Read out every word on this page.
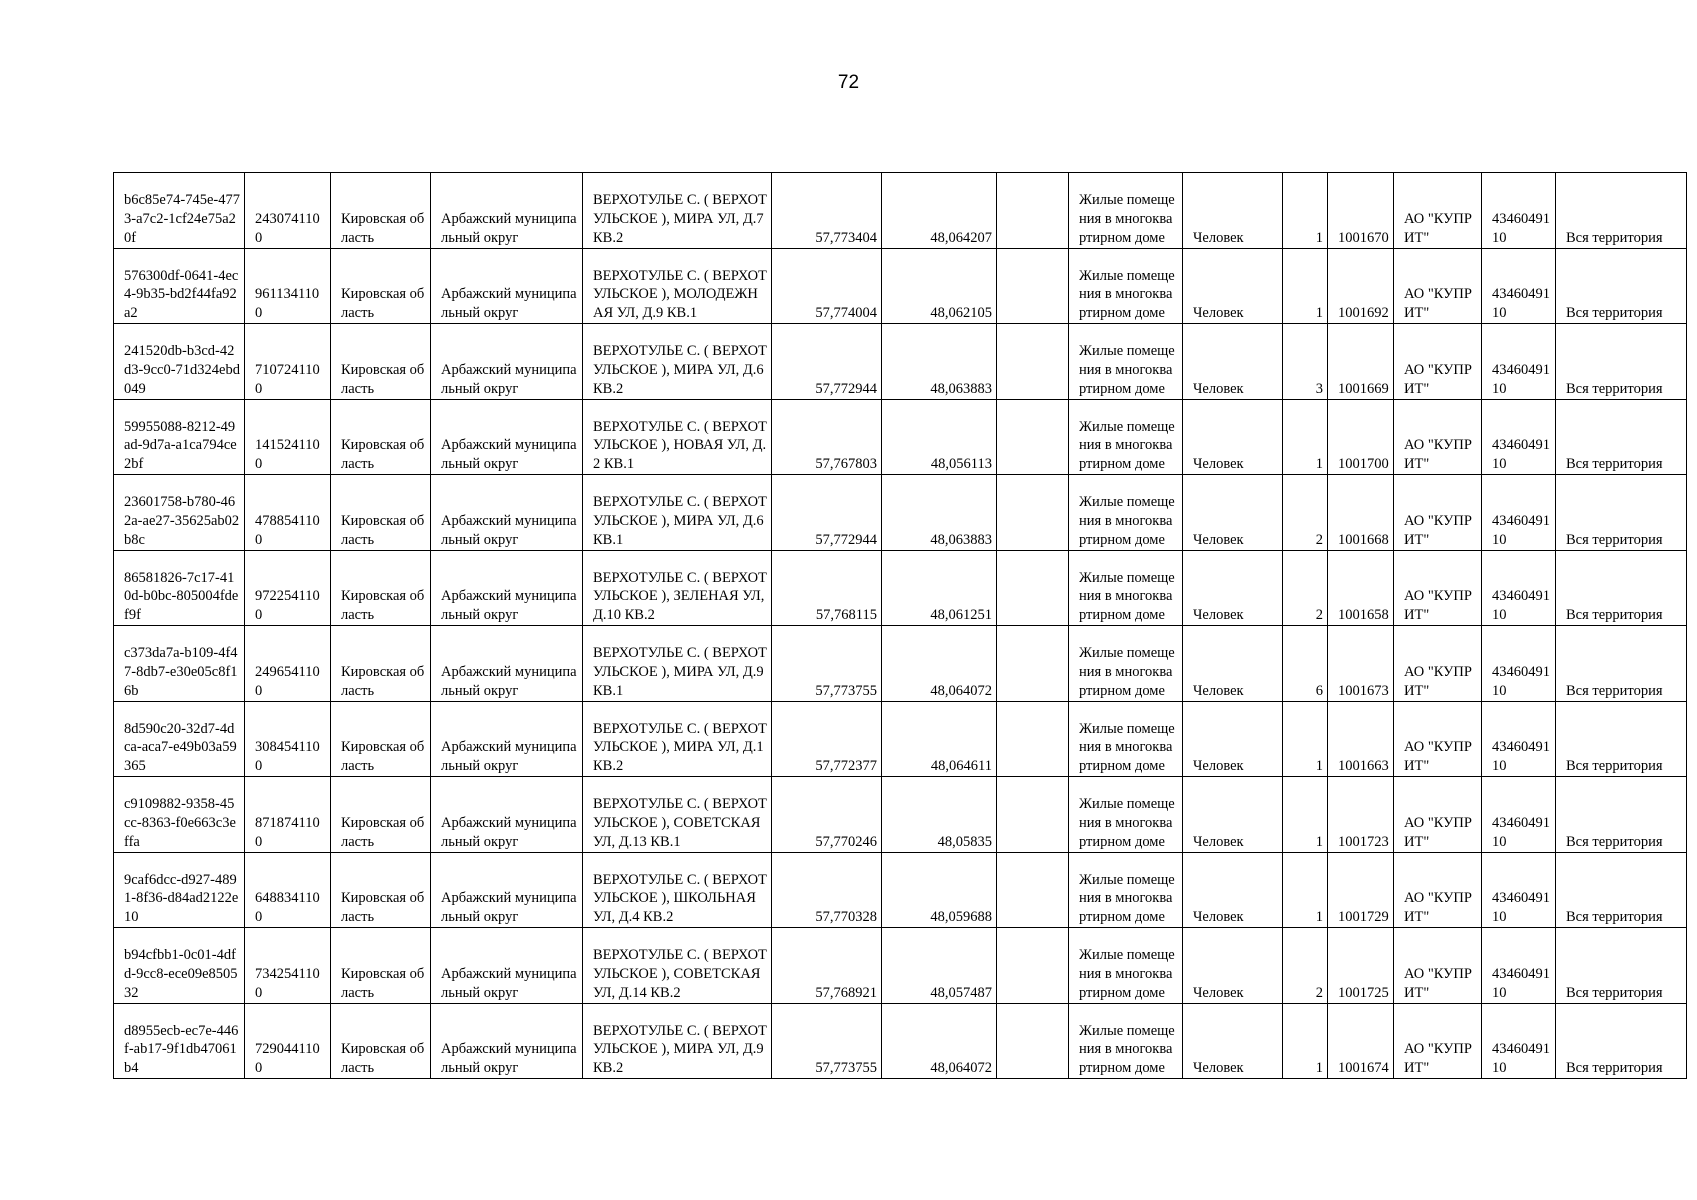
72
b6c85e74-745e-4773-a7c2-1cf24e75a20f	2430741100	Кировская область	Арбажский муниципальный округ	ВЕРХОТУЛЬЕ С. ( ВЕРХОТУЛЬСКОЕ ), МИРА УЛ, Д.7 КВ.2	57,773404	48,064207		Жилые помещения в многоквартирном доме	Человек	1	1001670	АО "КУПРИТ"	4346049110	Вся территория
576300df-0641-4ec4-9b35-bd2f44fa92a2	9611341100	Кировская область	Арбажский муниципальный округ	ВЕРХОТУЛЬЕ С. ( ВЕРХОТУЛЬСКОЕ ), МОЛОДЕЖНАЯ УЛ, Д.9 КВ.1	57,774004	48,062105		Жилые помещения в многоквартирном доме	Человек	1	1001692	АО "КУПРИТ"	4346049110	Вся территория
241520db-b3cd-42d3-9cc0-71d324ebd049	7107241100	Кировская область	Арбажский муниципальный округ	ВЕРХОТУЛЬЕ С. ( ВЕРХОТУЛЬСКОЕ ), МИРА УЛ, Д.6 КВ.2	57,772944	48,063883		Жилые помещения в многоквартирном доме	Человек	3	1001669	АО "КУПРИТ"	4346049110	Вся территория
59955088-8212-49ad-9d7a-a1ca794ce2bf	1415241100	Кировская область	Арбажский муниципальный округ	ВЕРХОТУЛЬЕ С. ( ВЕРХОТУЛЬСКОЕ ), НОВАЯ УЛ, Д.2 КВ.1	57,767803	48,056113		Жилые помещения в многоквартирном доме	Человек	1	1001700	АО "КУПРИТ"	4346049110	Вся территория
23601758-b780-462a-ae27-35625ab02b8c	4788541100	Кировская область	Арбажский муниципальный округ	ВЕРХОТУЛЬЕ С. ( ВЕРХОТУЛЬСКОЕ ), МИРА УЛ, Д.6 КВ.1	57,772944	48,063883		Жилые помещения в многоквартирном доме	Человек	2	1001668	АО "КУПРИТ"	4346049110	Вся территория
86581826-7c17-410d-b0bc-805004fdef9f	9722541100	Кировская область	Арбажский муниципальный округ	ВЕРХОТУЛЬЕ С. ( ВЕРХОТУЛЬСКОЕ ), ЗЕЛЕНАЯ УЛ, Д.10 КВ.2	57,768115	48,061251		Жилые помещения в многоквартирном доме	Человек	2	1001658	АО "КУПРИТ"	4346049110	Вся территория
c373da7a-b109-4f47-8db7-e30e05c8f16b	2496541100	Кировская область	Арбажский муниципальный округ	ВЕРХОТУЛЬЕ С. ( ВЕРХОТУЛЬСКОЕ ), МИРА УЛ, Д.9 КВ.1	57,773755	48,064072		Жилые помещения в многоквартирном доме	Человек	6	1001673	АО "КУПРИТ"	4346049110	Вся территория
8d590c20-32d7-4dca-aca7-e49b03a59365	3084541100	Кировская область	Арбажский муниципальный округ	ВЕРХОТУЛЬЕ С. ( ВЕРХОТУЛЬСКОЕ ), МИРА УЛ, Д.1 КВ.2	57,772377	48,064611		Жилые помещения в многоквартирном доме	Человек	1	1001663	АО "КУПРИТ"	4346049110	Вся территория
c9109882-9358-45cc-8363-f0e663c3effa	8718741100	Кировская область	Арбажский муниципальный округ	ВЕРХОТУЛЬЕ С. ( ВЕРХОТУЛЬСКОЕ ), СОВЕТСКАЯ УЛ, Д.13 КВ.1	57,770246	48,05835		Жилые помещения в многоквартирном доме	Человек	1	1001723	АО "КУПРИТ"	4346049110	Вся территория
9caf6dcc-d927-4891-8f36-d84ad2122e10	6488341100	Кировская область	Арбажский муниципальный округ	ВЕРХОТУЛЬЕ С. ( ВЕРХОТУЛЬСКОЕ ), ШКОЛЬНАЯ УЛ, Д.4 КВ.2	57,770328	48,059688		Жилые помещения в многоквартирном доме	Человек	1	1001729	АО "КУПРИТ"	4346049110	Вся территория
b94cfbb1-0c01-4dfd-9cc8-ece09e850532	7342541100	Кировская область	Арбажский муниципальный округ	ВЕРХОТУЛЬЕ С. ( ВЕРХОТУЛЬСКОЕ ), СОВЕТСКАЯ УЛ, Д.14 КВ.2	57,768921	48,057487		Жилые помещения в многоквартирном доме	Человек	2	1001725	АО "КУПРИТ"	4346049110	Вся территория
d8955ecb-ec7e-446f-ab17-9f1db47061b4	7290441100	Кировская область	Арбажский муниципальный округ	ВЕРХОТУЛЬЕ С. ( ВЕРХОТУЛЬСКОЕ ), МИРА УЛ, Д.9 КВ.2	57,773755	48,064072		Жилые помещения в многоквартирном доме	Человек	1	1001674	АО "КУПРИТ"	4346049110	Вся территория
